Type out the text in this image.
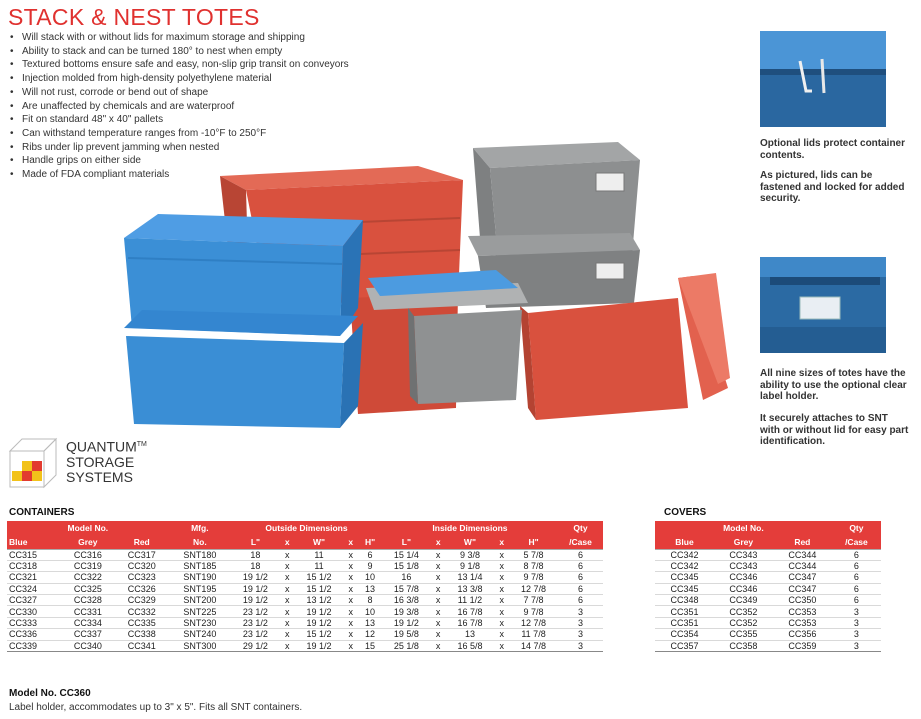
STACK & NEST TOTES
• Will stack with or without lids for maximum storage and shipping
• Ability to stack and can be turned 180° to nest when empty
• Textured bottoms ensure safe and easy, non-slip grip transit on conveyors
• Injection molded from high-density polyethylene material
• Will not rust, corrode or bend out of shape
• Are unaffected by chemicals and are waterproof
• Fit on standard 48" x 40" pallets
• Can withstand temperature ranges from -10°F to 250°F
• Ribs under lip prevent jamming when nested
• Handle grips on either side
• Made of FDA compliant materials
QUANTUM™
STORAGE
SYSTEMS
Optional lids protect container contents.
As pictured, lids can be fastened and locked for added security.
All nine sizes of totes have the ability to use the optional clear label holder.
It securely attaches to SNT with or without lid for easy part identification.
CONTAINERS
Model No.			Mfg.	Outside Dimensions					Inside Dimensions					Qty
Blue	Grey	Red	No.	L"	x	W"	x	H"	L"	x	W"	x	H"	/Case
CC315	CC316	CC317	SNT180	18	x	11	x	6	15 1/4	x	9 3/8	x	5 7/8	6
CC318	CC319	CC320	SNT185	18	x	11	x	9	15 1/8	x	9 1/8	x	8 7/8	6
CC321	CC322	CC323	SNT190	19 1/2	x	15 1/2	x	10	16	x	13 1/4	x	9 7/8	6
CC324	CC325	CC326	SNT195	19 1/2	x	15 1/2	x	13	15 7/8	x	13 3/8	x	12 7/8	6
CC327	CC328	CC329	SNT200	19 1/2	x	13 1/2	x	8	16 3/8	x	11 1/2	x	7 7/8	6
CC330	CC331	CC332	SNT225	23 1/2	x	19 1/2	x	10	19 3/8	x	16 7/8	x	9 7/8	3
CC333	CC334	CC335	SNT230	23 1/2	x	19 1/2	x	13	19 1/2	x	16 7/8	x	12 7/8	3
CC336	CC337	CC338	SNT240	23 1/2	x	15 1/2	x	12	19 5/8	x	13	x	11 7/8	3
CC339	CC340	CC341	SNT300	29 1/2	x	19 1/2	x	15	25 1/8	x	16 5/8	x	14 7/8	3
COVERS
Model No.			Qty
Blue	Grey	Red	/Case
CC342	CC343	CC344	6
CC342	CC343	CC344	6
CC345	CC346	CC347	6
CC345	CC346	CC347	6
CC348	CC349	CC350	6
CC351	CC352	CC353	3
CC351	CC352	CC353	3
CC354	CC355	CC356	3
CC357	CC358	CC359	3
Model No. CC360
Label holder, accommodates up to 3" x 5". Fits all SNT containers.
